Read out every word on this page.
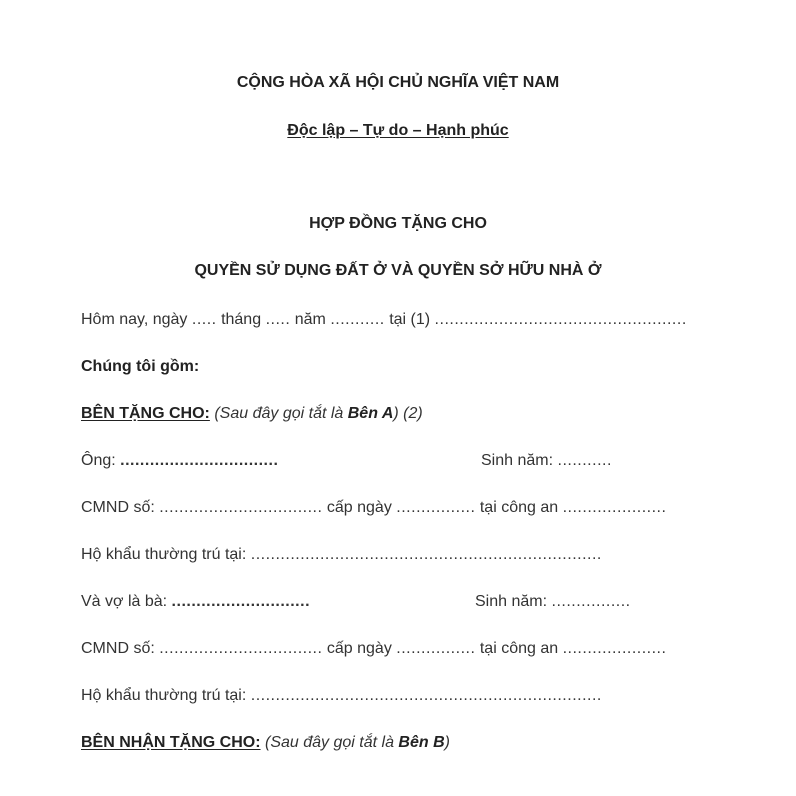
CỘNG HÒA XÃ HỘI CHỦ NGHĨA VIỆT NAM
Độc lập – Tự do – Hạnh phúc
HỢP ĐỒNG TẶNG CHO
QUYỀN SỬ DỤNG ĐẤT Ở VÀ QUYỀN SỞ HỮU NHÀ Ở
Hôm nay, ngày ..... tháng ..... năm ........... tại (1) ...................................................
Chúng tôi gồm:
BÊN TẶNG CHO: (Sau đây gọi tắt là Bên A) (2)
Ông: ................................	Sinh năm: ...........
CMND số: ................................. cấp ngày ................ tại công an .....................
Hộ khẩu thường trú tại: .......................................................................
Và vợ là bà: ............................	Sinh năm: ................
CMND số: ................................. cấp ngày ................ tại công an .....................
Hộ khẩu thường trú tại: .......................................................................
BÊN NHẬN TẶNG CHO: (Sau đây gọi tắt là Bên B)
